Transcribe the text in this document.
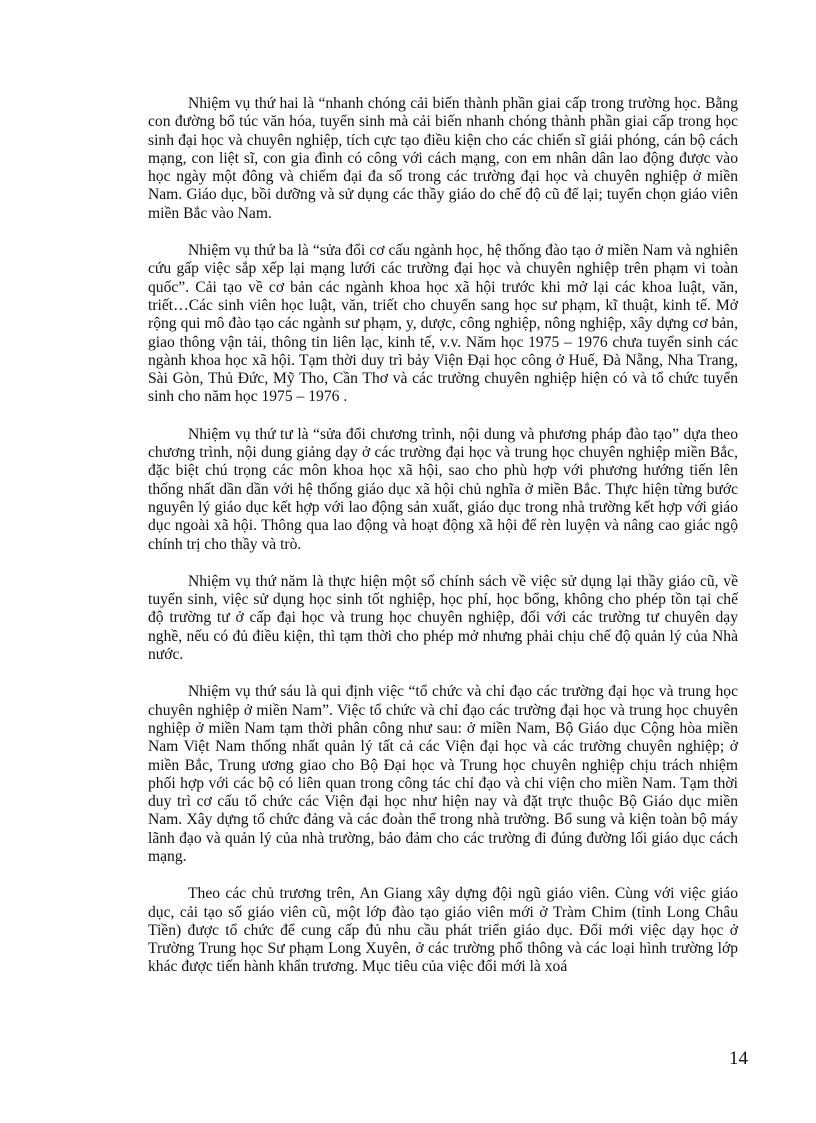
Nhiệm vụ thứ hai là “nhanh chóng cải biến thành phần giai cấp trong trường học. Bằng con đường bổ túc văn hóa, tuyển sinh mà cải biến nhanh chóng thành phần giai cấp trong học sinh đại học và chuyên nghiệp, tích cực tạo điều kiện cho các chiến sĩ giải phóng, cán bộ cách mạng, con liệt sĩ, con gia đình có công với cách mạng, con em nhân dân lao động được vào học ngày một đông và chiếm đại đa số trong các trường đại học và chuyên nghiệp ở miền Nam. Giáo dục, bồi dưỡng và sử dụng các thầy giáo do chế độ cũ để lại; tuyển chọn giáo viên miền Bắc vào Nam.

Nhiệm vụ thứ ba là “sửa đổi cơ cấu ngành học, hệ thống đào tạo ở miền Nam và nghiên cứu gấp việc sắp xếp lại mạng lưới các trường đại học và chuyên nghiệp trên phạm vi toàn quốc”. Cải tạo về cơ bản các ngành khoa học xã hội trước khi mở lại các khoa luật, văn, triết…Các sinh viên học luật, văn, triết cho chuyển sang học sư phạm, kĩ thuật, kinh tế. Mở rộng qui mô đào tạo các ngành sư phạm, y, dược, công nghiệp, nông nghiệp, xây dựng cơ bản, giao thông vận tải, thông tin liên lạc, kinh tế, v.v. Năm học 1975 – 1976 chưa tuyển sinh các ngành khoa học xã hội. Tạm thời duy trì bảy Viện Đại học công ở Huế, Đà Nẵng, Nha Trang, Sài Gòn, Thủ Đức, Mỹ Tho, Cần Thơ và các trường chuyên nghiệp hiện có và tổ chức tuyển sinh cho năm học 1975 – 1976 .

Nhiệm vụ thứ tư là “sửa đổi chương trình, nội dung và phương pháp đào tạo” dựa theo chương trình, nội dung giảng dạy ở các trường đại học và trung học chuyên nghiệp miền Bắc, đặc biệt chú trọng các môn khoa học xã hội, sao cho phù hợp với phương hướng tiến lên thống nhất dần dần với hệ thống giáo dục xã hội chủ nghĩa ở miền Bắc. Thực hiện từng bước nguyên lý giáo dục kết hợp với lao động sản xuất, giáo dục trong nhà trường kết hợp với giáo dục ngoài xã hội. Thông qua lao động và hoạt động xã hội để rèn luyện và nâng cao giác ngộ chính trị cho thầy và trò.

Nhiệm vụ thứ năm là thực hiện một số chính sách về việc sử dụng lại thầy giáo cũ, về tuyển sinh, việc sử dụng học sinh tốt nghiệp, học phí, học bổng, không cho phép tồn tại chế độ trường tư ở cấp đại học và trung học chuyên nghiệp, đối với các trường tư chuyên dạy nghề, nếu có đủ điều kiện, thì tạm thời cho phép mở nhưng phải chịu chế độ quản lý của Nhà nước.

Nhiệm vụ thứ sáu là qui định việc “tổ chức và chỉ đạo các trường đại học và trung học chuyên nghiệp ở miền Nam”. Việc tổ chức và chỉ đạo các trường đại học và trung học chuyên nghiệp ở miền Nam tạm thời phân công như sau: ở miền Nam, Bộ Giáo dục Cộng hòa miền Nam Việt Nam thống nhất quản lý tất cả các Viện đại học và các trường chuyên nghiệp; ở miền Bắc, Trung ương giao cho Bộ Đại học và Trung học chuyên nghiệp chịu trách nhiệm phối hợp với các bộ có liên quan trong công tác chỉ đạo và chi viện cho miền Nam. Tạm thời duy trì cơ cấu tổ chức các Viện đại học như hiện nay và đặt trực thuộc Bộ Giáo dục miền Nam. Xây dựng tổ chức đảng và các đoàn thể trong nhà trường. Bổ sung và kiện toàn bộ máy lãnh đạo và quản lý của nhà trường, bảo đảm cho các trường đi đúng đường lối giáo dục cách mạng.

Theo các chủ trương trên, An Giang xây dựng đội ngũ giáo viên. Cùng với việc giáo dục, cải tạo số giáo viên cũ, một lớp đào tạo giáo viên mới ở Tràm Chim (tỉnh Long Châu Tiền) được tổ chức để cung cấp đủ nhu cầu phát triển giáo dục. Đổi mới việc dạy học ở Trường Trung học Sư phạm Long Xuyên, ở các trường phổ thông và các loại hình trường lớp khác được tiến hành khẩn trương. Mục tiêu của việc đổi mới là xoá

14
